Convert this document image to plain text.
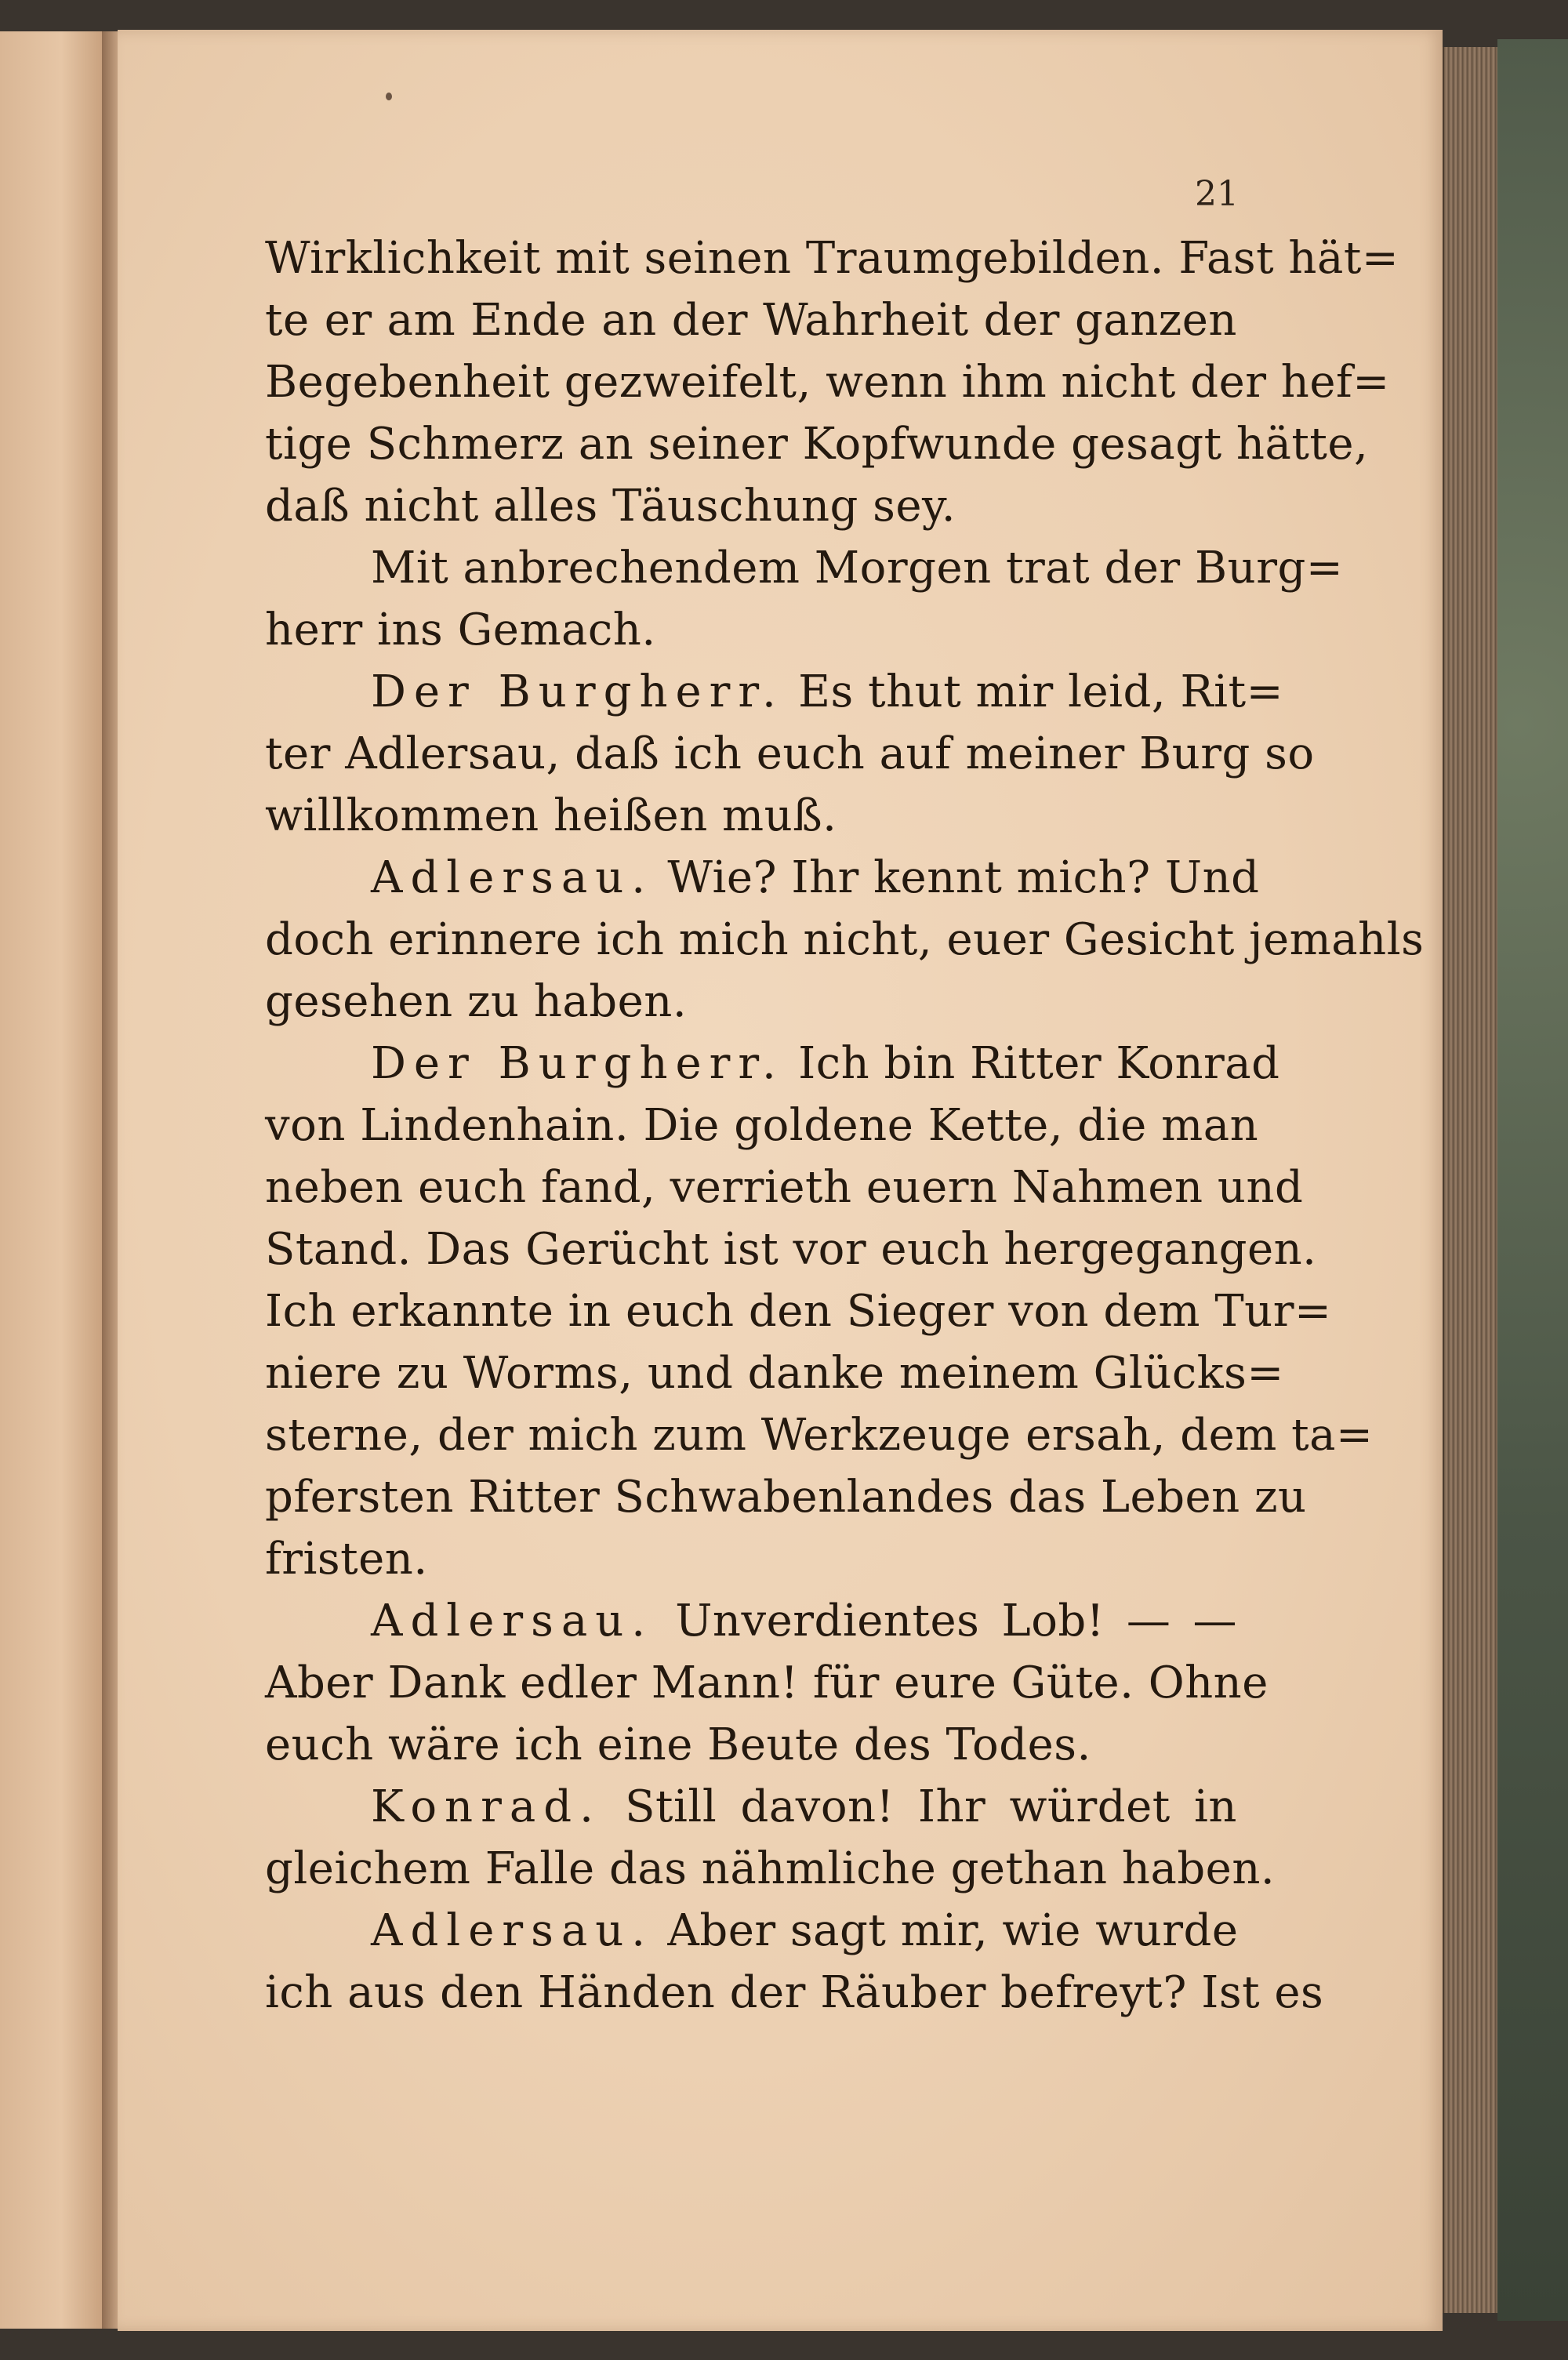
21
Wirklichkeit mit seinen Traumgebilden. Fast hät=
te er am Ende an der Wahrheit der ganzen
Begebenheit gezweifelt, wenn ihm nicht der hef=
tige Schmerz an seiner Kopfwunde gesagt hätte,
daß nicht alles Täuschung sey.
Mit anbrechendem Morgen trat der Burg=
herr ins Gemach.
Der Burgherr. Es thut mir leid, Rit=
ter Adlersau, daß ich euch auf meiner Burg so
willkommen heißen muß.
Adlersau. Wie? Ihr kennt mich? Und
doch erinnere ich mich nicht, euer Gesicht jemahls
gesehen zu haben.
Der Burgherr. Ich bin Ritter Konrad
von Lindenhain. Die goldene Kette, die man
neben euch fand, verrieth euern Nahmen und
Stand. Das Gerücht ist vor euch hergegangen.
Ich erkannte in euch den Sieger von dem Tur=
niere zu Worms, und danke meinem Glücks=
sterne, der mich zum Werkzeuge ersah, dem ta=
pfersten Ritter Schwabenlandes das Leben zu
fristen.
Adlersau. Unverdientes Lob! — —
Aber Dank edler Mann! für eure Güte. Ohne
euch wäre ich eine Beute des Todes.
Konrad. Still davon! Ihr würdet in
gleichem Falle das nähmliche gethan haben.
Adlersau. Aber sagt mir, wie wurde
ich aus den Händen der Räuber befreyt? Ist es
